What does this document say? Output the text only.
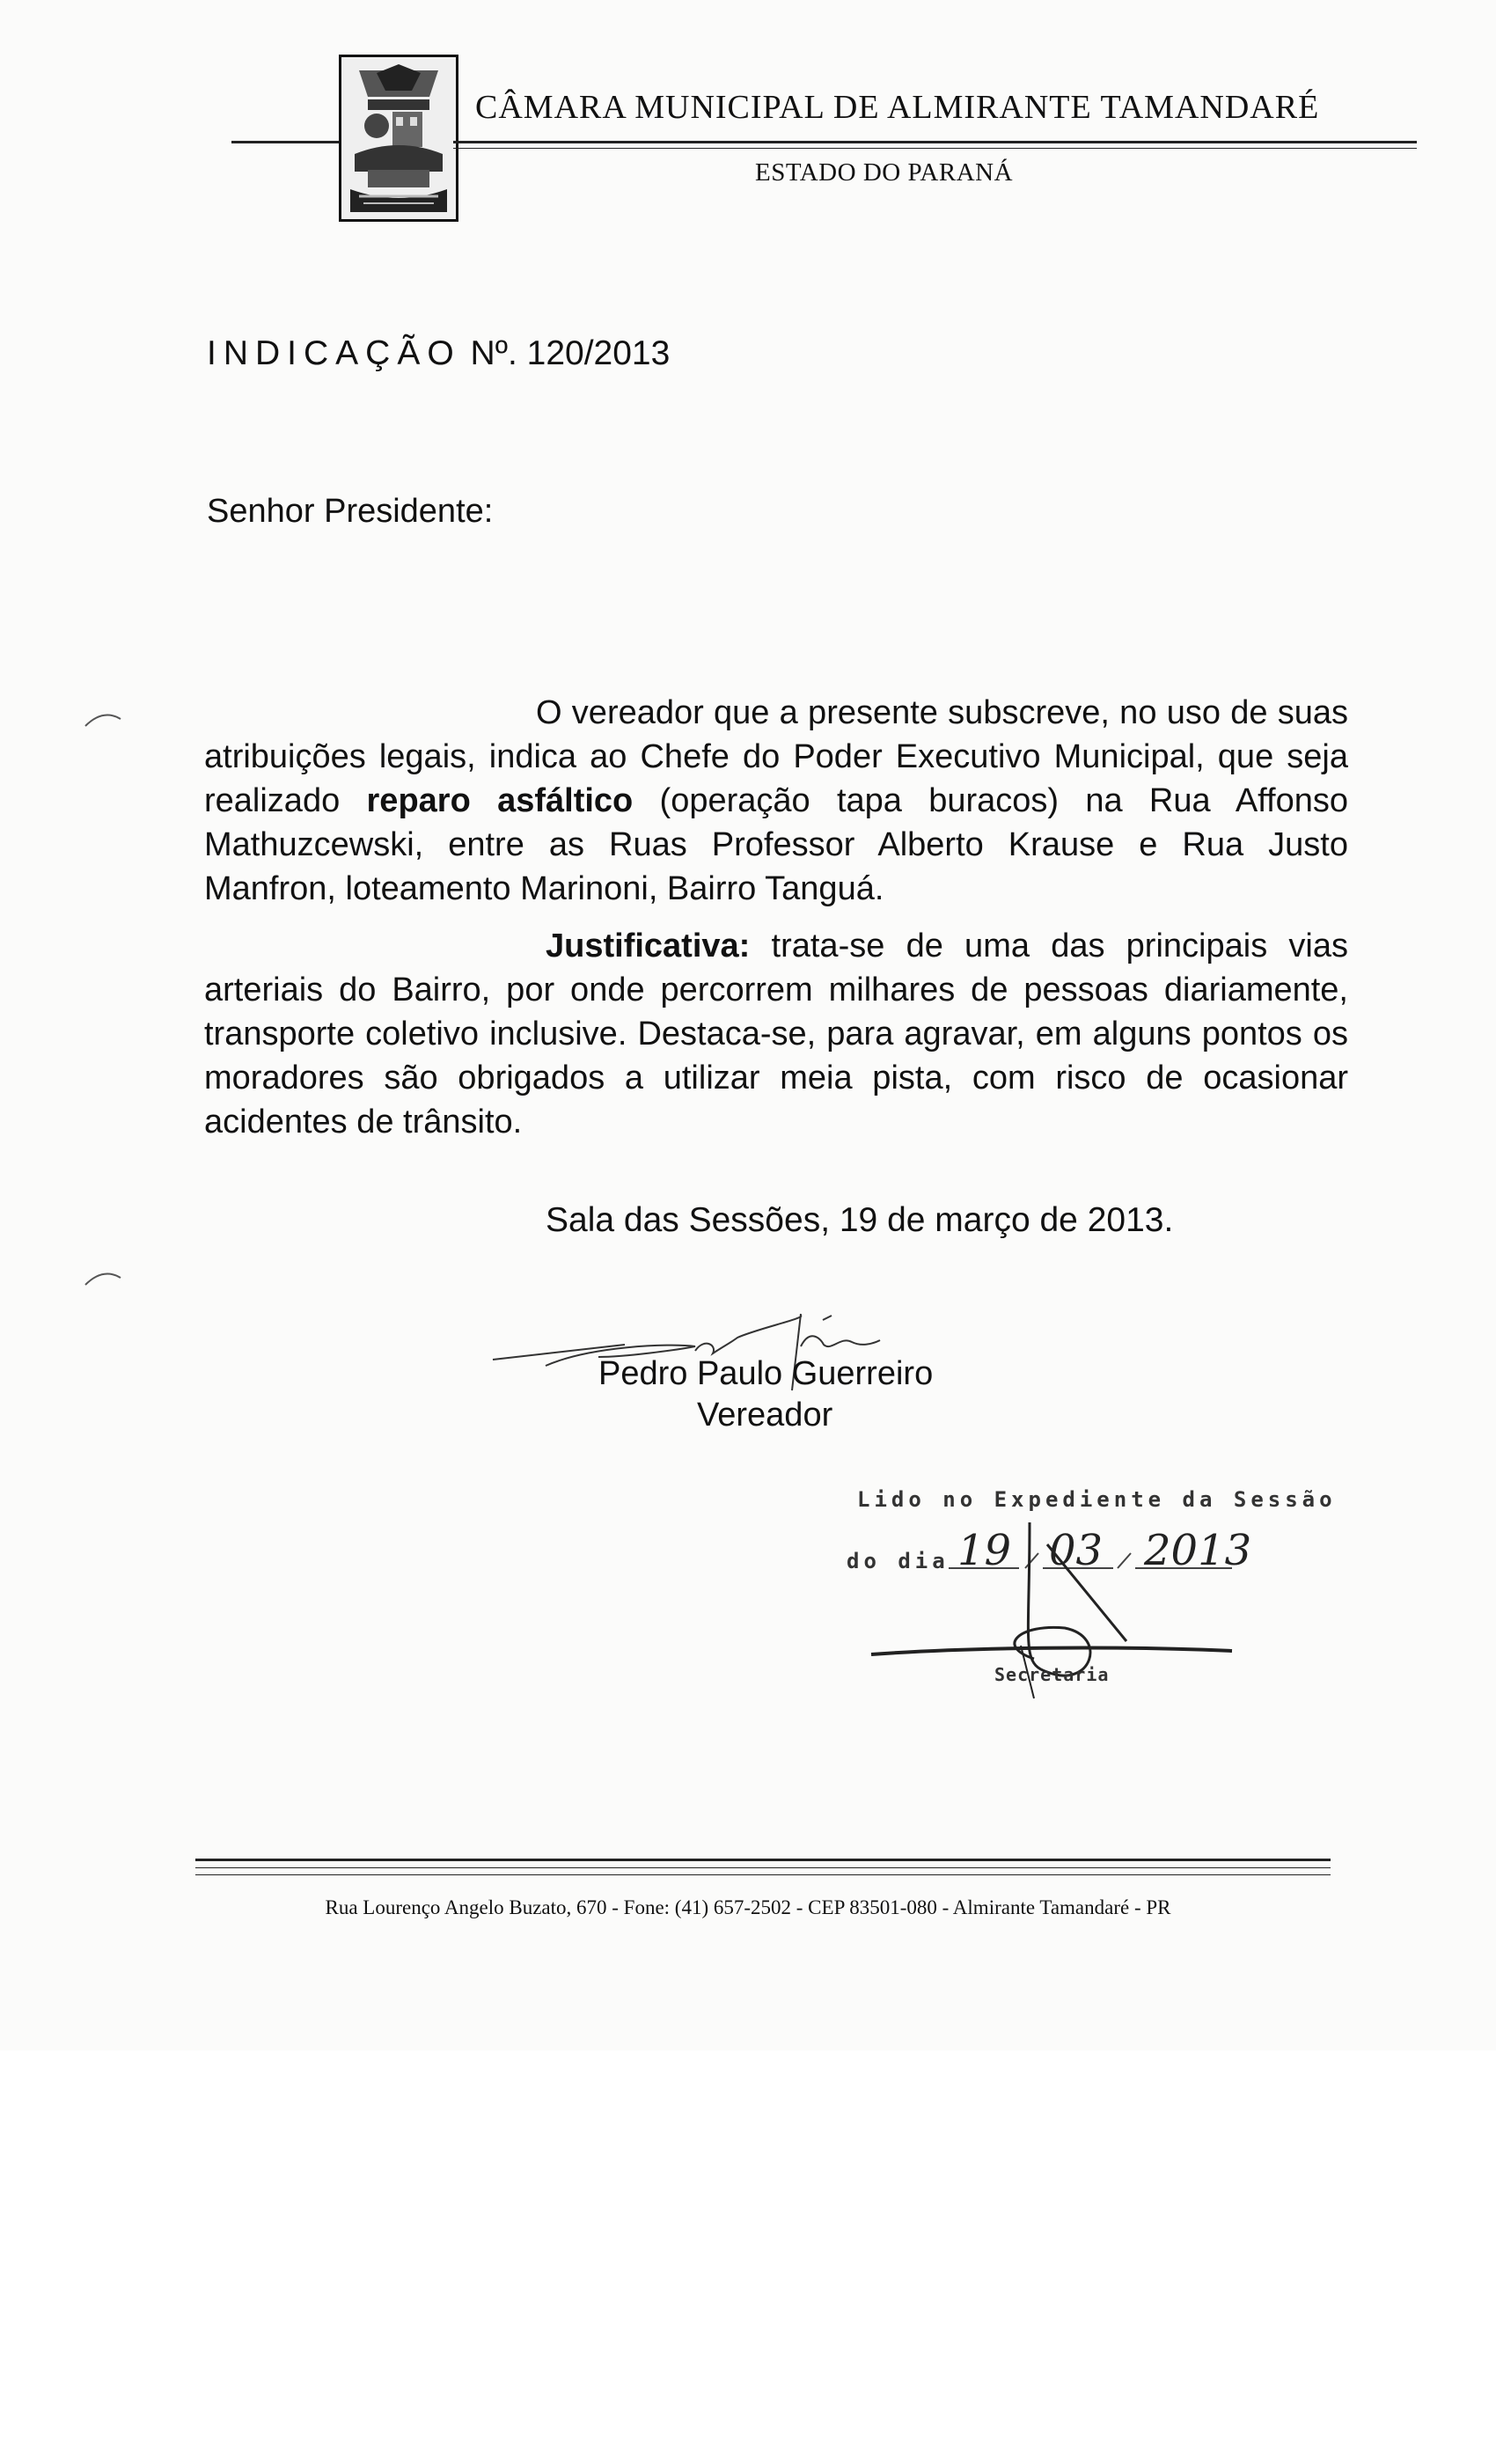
CÂMARA MUNICIPAL DE ALMIRANTE TAMANDARÉ
ESTADO DO PARANÁ
INDICAÇÃO Nº. 120/2013
Senhor Presidente:
O vereador que a presente subscreve, no uso de suas atribuições legais, indica ao Chefe do Poder Executivo Municipal, que seja realizado reparo asfáltico (operação tapa buracos) na Rua Affonso Mathuzcewski, entre as Ruas Professor Alberto Krause e Rua Justo Manfron, loteamento Marinoni, Bairro Tanguá.
Justificativa: trata-se de uma das principais vias arteriais do Bairro, por onde percorrem milhares de pessoas diariamente, transporte coletivo inclusive. Destaca-se, para agravar, em alguns pontos os moradores são obrigados a utilizar meia pista, com risco de ocasionar acidentes de trânsito.
Sala das Sessões, 19 de março de 2013.
Pedro Paulo Guerreiro
Vereador
Lido no Expediente da Sessão
do dia 19 03 2013
Secretaria
Rua Lourenço Angelo Buzato, 670 - Fone: (41) 657-2502 - CEP 83501-080 - Almirante Tamandaré - PR
